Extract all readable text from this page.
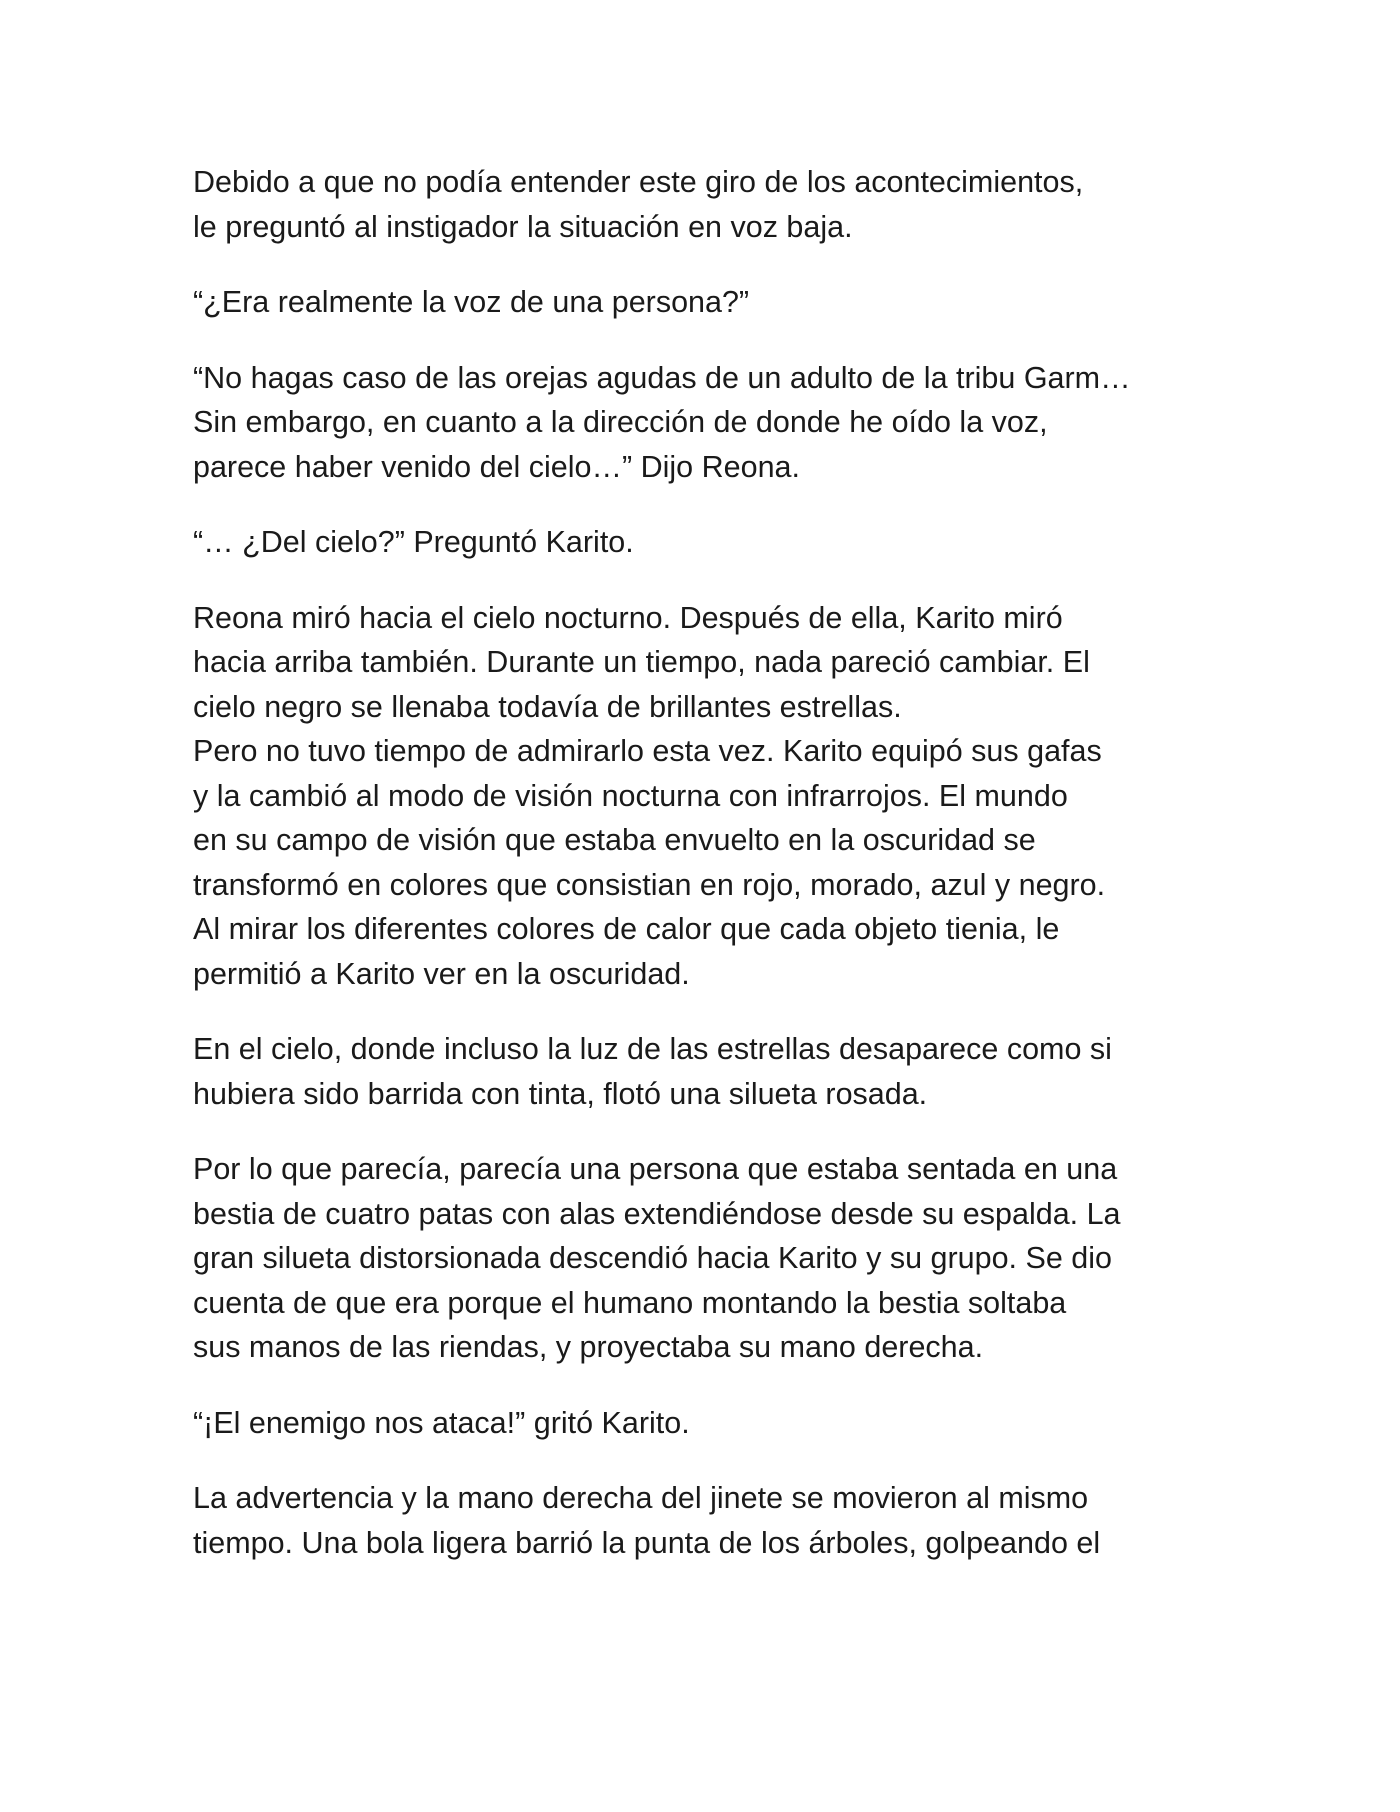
Debido a que no podía entender este giro de los acontecimientos,
le preguntó al instigador la situación en voz baja.

“¿Era realmente la voz de una persona?”

“No hagas caso de las orejas agudas de un adulto de la tribu Garm…
Sin embargo, en cuanto a la dirección de donde he oído la voz,
parece haber venido del cielo…” Dijo Reona.

“… ¿Del cielo?” Preguntó Karito.

Reona miró hacia el cielo nocturno. Después de ella, Karito miró
hacia arriba también. Durante un tiempo, nada pareció cambiar. El
cielo negro se llenaba todavía de brillantes estrellas.

Pero no tuvo tiempo de admirarlo esta vez. Karito equipó sus gafas
y la cambió al modo de visión nocturna con infrarrojos. El mundo
en su campo de visión que estaba envuelto en la oscuridad se
transformó en colores que consistian en rojo, morado, azul y negro.
Al mirar los diferentes colores de calor que cada objeto tienia, le
permitió a Karito ver en la oscuridad.

En el cielo, donde incluso la luz de las estrellas desaparece como si
hubiera sido barrida con tinta, flotó una silueta rosada.

Por lo que parecía, parecía una persona que estaba sentada en una
bestia de cuatro patas con alas extendiéndose desde su espalda. La
gran silueta distorsionada descendió hacia Karito y su grupo. Se dio
cuenta de que era porque el humano montando la bestia soltaba
sus manos de las riendas, y proyectaba su mano derecha.

“¡El enemigo nos ataca!” gritó Karito.

La advertencia y la mano derecha del jinete se movieron al mismo
tiempo. Una bola ligera barrió la punta de los árboles, golpeando el
